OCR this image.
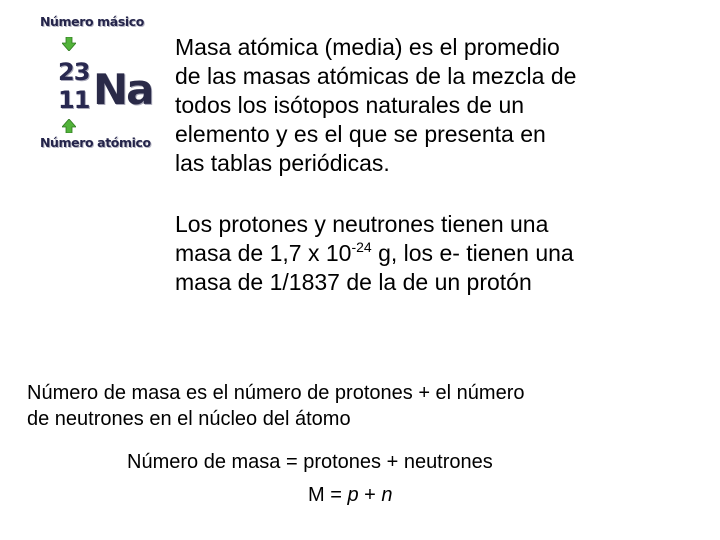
Número másico
23 Na
11
Número atómico

Masa atómica (media) es el promedio
de las masas atómicas de la mezcla de
todos los isótopos naturales de un
elemento y es el que se presenta en
las tablas periódicas.

Los protones y neutrones tienen una
masa de 1,7 x $10^{-24}$ g, los e- tienen una
masa de 1/1837 de la de un protón

Número de masa es el número de protones + el número
de neutrones en el núcleo del átomo

Número de masa = protones + neutrones
M = p + n
